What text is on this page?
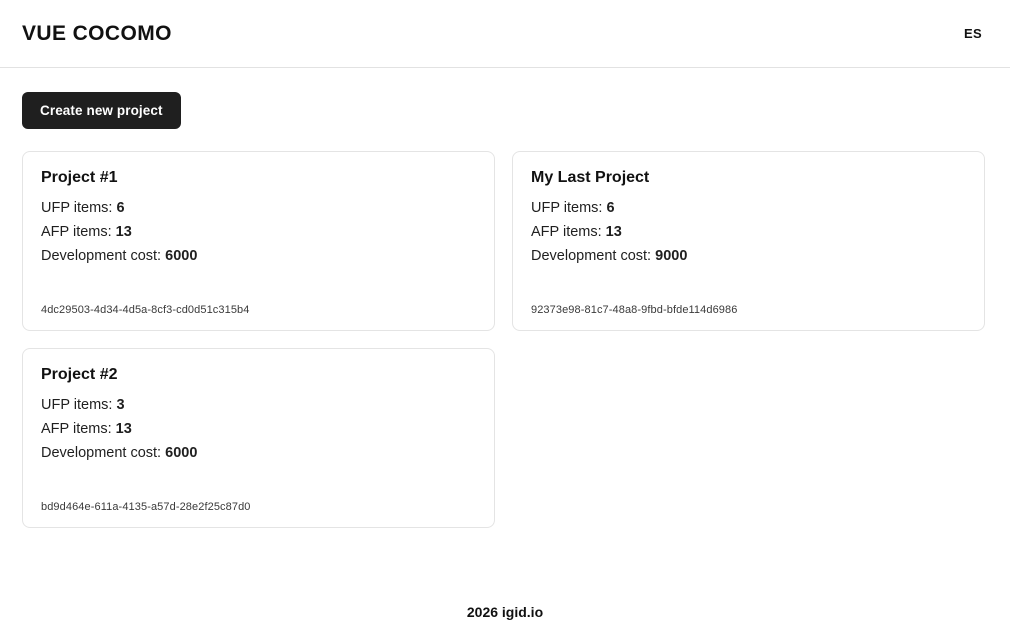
VUE COCOMO	ES
Create new project
Project #1
UFP items: 6
AFP items: 13
Development cost: 6000
4dc29503-4d34-4d5a-8cf3-cd0d51c315b4
My Last Project
UFP items: 6
AFP items: 13
Development cost: 9000
92373e98-81c7-48a8-9fbd-bfde114d6986
Project #2
UFP items: 3
AFP items: 13
Development cost: 6000
bd9d464e-611a-4135-a57d-28e2f25c87d0
2026 igid.io
